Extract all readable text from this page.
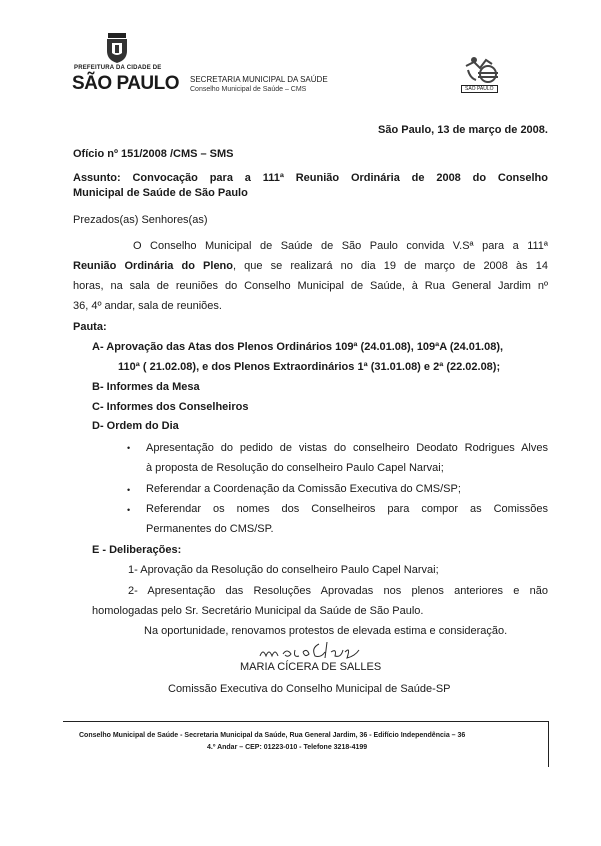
PREFEITURA DA CIDADE DE
SÃO PAULO SECRETARIA MUNICIPAL DA SAÚDE
Conselho Municipal de Saúde – CMS	SÃO PAULO
São Paulo, 13 de março de 2008.
Ofício nº 151/2008 /CMS – SMS
Assunto: Convocação para a 111ª Reunião Ordinária de 2008 do Conselho
Municipal de Saúde de São Paulo
Prezados(as) Senhores(as)
O Conselho Municipal de Saúde de São Paulo convida V.Sª para a 111ª
Reunião Ordinária do Pleno, que se realizará no dia 19 de março de 2008 às 14
horas, na sala de reuniões do Conselho Municipal de Saúde, à Rua General Jardim nº
36, 4º andar, sala de reuniões.
Pauta:
A- Aprovação das Atas dos Plenos Ordinários 109ª (24.01.08), 109ªA (24.01.08),
110ª ( 21.02.08), e dos Plenos Extraordinários 1ª (31.01.08) e 2ª (22.02.08);
B- Informes da Mesa
C- Informes dos Conselheiros
D- Ordem do Dia
• Apresentação do pedido de vistas do conselheiro Deodato Rodrigues Alves
à proposta de Resolução do conselheiro Paulo Capel Narvai;
• Referendar a Coordenação da Comissão Executiva do CMS/SP;
• Referendar os nomes dos Conselheiros para compor as Comissões
Permanentes do CMS/SP.
E - Deliberações:
1- Aprovação da Resolução do conselheiro Paulo Capel Narvai;
2- Apresentação das Resoluções Aprovadas nos plenos anteriores e não
homologadas pelo Sr. Secretário Municipal da Saúde de São Paulo.
Na oportunidade, renovamos protestos de elevada estima e consideração.
MARIA CÍCERA DE SALLES
Comissão Executiva do Conselho Municipal de Saúde-SP
Conselho Municipal de Saúde - Secretaria Municipal da Saúde, Rua General Jardim, 36 - Edifício Independência – 36
4.º Andar – CEP: 01223-010 - Telefone 3218-4199
